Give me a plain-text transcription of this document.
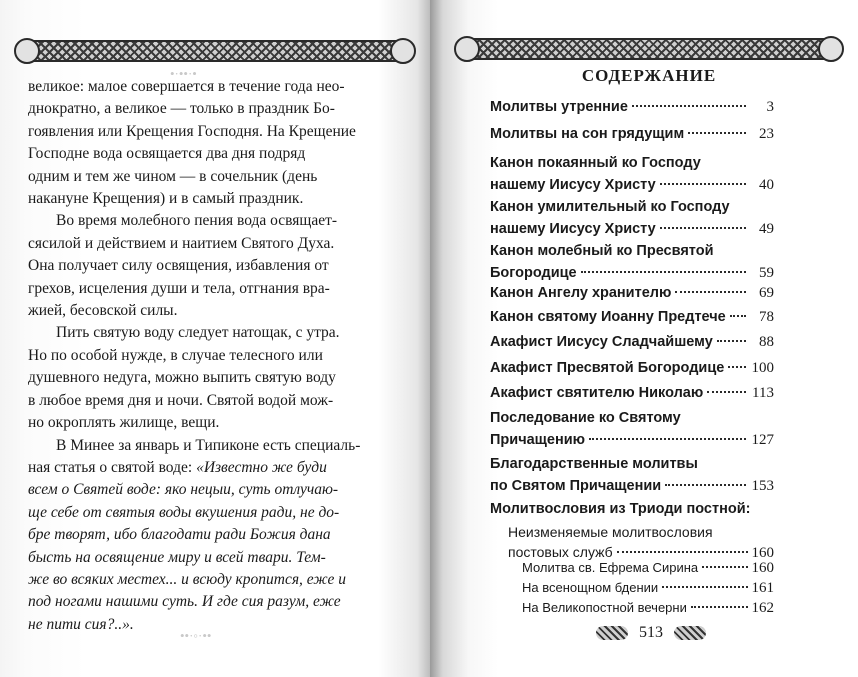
•·••·•

великое: малое совершается в течение года нео-
днократно, а великое — только в праздник Бо-
гоявления или Крещения Господня. На Крещение
Господне вода освящается два дня подряд
одним и тем же чином — в сочельник (день
накануне Крещения) и в самый праздник.

Во время молебного пения вода освящает-
сясилой и действием и наитием Святого Духа.
Она получает силу освящения, избавления от
грехов, исцеления души и тела, отгнания вра-
жией, бесовской силы.

Пить святую воду следует натощак, с утра.
Но по особой нужде, в случае телесного или
душевного недуга, можно выпить святую воду
в любое время дня и ночи. Святой водой мож-
но окроплять жилище, вещи.

В Минее за январь и Типиконе есть специаль-
ная статья о святой воде: «Известно же буди
всем о Святей воде: яко нецыи, суть отлучаю-
ще себе от святыя воды вкушения ради, не до-
бре творят, ибо благодати ради Божия дана
бысть на освящение миру и всей твари. Тем-
же во всяких местех... и всюду кропится, еже и
под ногами нашими суть. И где сия разум, еже
не пити сия?..».

••·◦·••
СОДЕРЖАНИЕ
Молитвы утренние	3
Молитвы на сон грядущим	23
Канон покаянный ко Господу
нашему Иисусу Христу	40
Канон умилительный ко Господу
нашему Иисусу Христу	49
Канон молебный ко Пресвятой
Богородице	59
Канон Ангелу хранителю	69
Канон святому Иоанну Предтече	78
Акафист Иисусу Сладчайшему	88
Акафист Пресвятой Богородице 100
Акафист святителю Николаю	113
Последование ко Святому
Причащению	127
Благодарственные молитвы
по Святом Причащении	153
Молитвословия из Триоди постной:
Неизменяемые молитвословия
постовых служб	160
Молитва св. Ефрема Сирина	160
На всенощном бдении	161
На Великопостной вечерни	162
513
